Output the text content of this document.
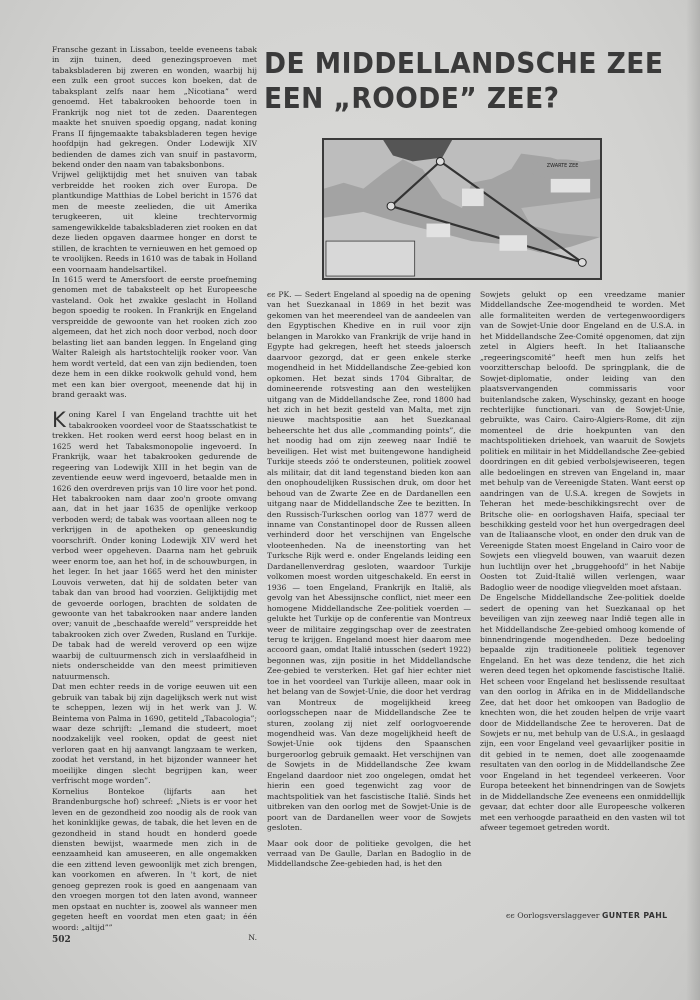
Fransche gezant in Lissabon, teelde eveneens tabak in zijn tuinen, deed genezingsproeven met tabaksbladeren bij zweren en wonden, waarbij hij een zulk een groot succes kon boeken, dat de tabaksplant zelfs naar hem „Nicotiana” werd genoemd. Het tabakrooken behoorde toen in Frankrijk nog niet tot de zeden. Daarentegen maakte het snuiven spoedig opgang, nadat koning Frans II fijngemaakte tabaksbladeren tegen hevige hoofdpijn had gekregen. Onder Lodewijk XIV bedienden de dames zich van snuif in pastavorm, bekend onder den naam van tabaksbonbons.

Vrijwel gelijktijdig met het snuiven van tabak verbreidde het rooken zich over Europa. De plantkundige Matthias de Lobel bericht in 1576 dat men de meeste zeelieden, die uit Amerika terugkeeren, uit kleine trechtervormig samengewikkelde tabaksbladeren ziet rooken en dat deze lieden opgaven daarmee honger en dorst te stillen, de krachten te vernieuwen en het gemoed op te vroolijken. Reeds in 1610 was de tabak in Holland een voornaam handelsartikel.

In 1615 werd te Amersfoort de eerste proefneming genomen met de tabaksteelt op het Europeesche vasteland. Ook het zwakke geslacht in Holland begon spoedig te rooken. In Frankrijk en Engeland verspreidde de gewoonte van het rooken zich zoo algemeen, dat het zich noch door verbod, noch door belasting liet aan banden leggen. In Engeland ging Walter Raleigh als hartstochtelijk rooker voor. Van hem wordt verteld, dat een van zijn bedienden, toen deze hem in een dikke rookwolk gehuld vond, hem met een kan bier overgoot, meenende dat hij in brand geraakt was.

Koning Karel I van Engeland trachtte uit het tabakrooken voordeel voor de Staatsschatkist te trekken. Het rooken werd eerst hoog belast en in 1625 werd het Tabaksmonopolie ingevoerd. In Frankrijk, waar het tabakrooken gedurende de regeering van Lodewijk XIII in het begin van de zeventiende eeuw werd ingevoerd, betaalde men in 1626 den overdreven prijs van 10 lire voor het pond. Het tabakrooken nam daar zoo'n groote omvang aan, dat in het jaar 1635 de openlijke verkoop verboden werd; de tabak was voortaan alleen nog te verkrijgen in de apotheken op geneeskundig voorschrift. Onder koning Lodewijk XIV werd het verbod weer opgeheven. Daarna nam het gebruik weer enorm toe, aan het hof, in de schouwburgen, in het leger. In het jaar 1665 werd het den minister Louvois verweten, dat hij de soldaten beter van tabak dan van brood had voorzien. Gelijktijdig met de gevoerde oorlogen, brachten de soldaten de gewoonte van het tabakrooken naar andere landen over; vanuit de „beschaafde wereld” verspreidde het tabakrooken zich over Zweden, Rusland en Turkije. De tabak had de wereld veroverd op een wijze waarbij de cultuurmensch zich in verslaafdheid in niets onderscheidde van den meest primitieven natuurmensch.

Dat men echter reeds in de vorige eeuwen uit een gebruik van tabak bij zijn dagelijksch werk nut wist te scheppen, lezen wij in het werk van J. W. Beintema von Palma in 1690, getiteld „Tabacologia”; waar deze schrijft: „Iemand die studeert, moet noodzakelijk veel rooken, opdat de geest niet verloren gaat en hij aanvangt langzaam te werken, zoodat het verstand, in het bijzonder wanneer het moeilijke dingen slecht begrijpen kan, weer verfrischt moge worden”.

Kornelius Bontekoe (lijfarts aan het Brandenburgsche hof) schreef: „Niets is er voor het leven en de gezondheid zoo noodig als de rook van het koninklijke gewas, de tabak, die het leven en de gezondheid in stand houdt en honderd goede diensten bewijst, waarmede men zich in de eenzaamheid kan amuseeren, en alle ongemakken die een zittend leven gewoonlijk met zich brengen, kan voorkomen en afweren. In 't kort, de niet genoeg geprezen rook is goed en aangenaam van den vroegen morgen tot den laten avond, wanneer men opstaat en nuchter is, zoowel als wanneer men gegeten heeft en voordat men eten gaat; in één woord: „altijd””

N.

DE MIDDELLANDSCHE ZEE
EEN „ROODE” ZEE?
ZWARTE ZEE

ϵϵ PK. — Sedert Engeland al spoedig na de opening van het Suezkanaal in 1869 in het bezit was gekomen van het meerendeel van de aandeelen van den Egyptischen Khedive en in ruil voor zijn belangen in Marokko van Frankrijk de vrije hand in Egypte had gekregen, heeft het steeds jaloersch daarvoor gezorgd, dat er geen enkele sterke mogendheid in het Middellandsche Zee-gebied kon opkomen. Het bezat sinds 1704 Gibraltar, de domineerende rotsvesting aan den westelijken uitgang van de Middellandsche Zee, rond 1800 had het zich in het bezit gesteld van Malta, met zijn nieuwe machtspositie aan het Suezkanaal beheerschte het dus alle „commanding points”, die het noodig had om zijn zeeweg naar Indië te beveiligen. Het wist met buitengewone handigheid Turkije steeds zóó te ondersteunen, politiek zoowel als militair, dat dit land tegenstand bieden kon aan den onophoudelijken Russischen druk, om door het behoud van de Zwarte Zee en de Dardanellen een uitgang naar de Middellandsche Zee te bezitten. In den Russisch-Turkschen oorlog van 1877 werd de inname van Constantinopel door de Russen alleen verhinderd door het verschijnen van Engelsche vlooteenheden. Na de ineenstorting van het Turksche Rijk werd e. onder Engelands leiding een Dardanellenverdrag gesloten, waardoor Turkije volkomen moest worden uitgeschakeld. En eerst in 1936 — toen Engeland, Frankrijk en Italië, als gevolg van het Abessijnsche conflict, niet meer een homogene Middellandsche Zee-politiek voerden — gelukte het Turkije op de conferentie van Montreux weer de militaire zeggingschap over de zeestraten terug te krijgen. Engeland moest hier daarom mee accoord gaan, omdat Italië intusschen (sedert 1922) begonnen was, zijn positie in het Middellandsche Zee-gebied te versterken. Het gaf hier echter niet toe in het voordeel van Turkije alleen, maar ook in het belang van de Sowjet-Unie, die door het verdrag van Montreux de mogelijkheid kreeg oorlogsschepen naar de Middellandsche Zee te sturen, zoolang zij niet zelf oorlogvoerende mogendheid was. Van deze mogelijkheid heeft de Sowjet-Unie ook tijdens den Spaanschen burgeroorlog gebruik gemaakt. Het verschijnen van de Sowjets in de Middellandsche Zee kwam Engeland daardoor niet zoo ongelegen, omdat het hierin een goed tegenwicht zag voor de machtspolitiek van het fascistische Italië. Sinds het uitbreken van den oorlog met de Sowjet-Unie is de poort van de Dardanellen weer voor de Sowjets gesloten.

Maar ook door de politieke gevolgen, die het verraad van De Gaulle, Darlan en Badoglio in de Middellandsche Zee-gebieden had, is het den

Sowjets gelukt op een vreedzame manier Middellandsche Zee-mogendheid te worden. Met alle formaliteiten werden de vertegenwoordigers van de Sowjet-Unie door Engeland en de U.S.A. in het Middellandsche Zee-Comité opgenomen, dat zijn zetel in Algiers heeft. In het Italiaansche „regeeringscomité” heeft men hun zelfs het voorzitterschap beloofd. De springplank, die de Sowjet-diplomatie, onder leiding van den plaatsvervangenden commissaris voor buitenlandsche zaken, Wyschinsky, gezant en hooge rechterlijke functionari. van de Sowjet-Unie, gebruikte, was Cairo. Cairo-Algiers-Rome, dit zijn momenteel de drie hoekpunten van den machtspolitieken driehoek, van waaruit de Sowjets politiek en militair in het Middellandsche Zee-gebied doordringen en dit gebied verbolsjewiseeren, tegen alle bedoelingen en streven van Engeland in, maar met behulp van de Vereenigde Staten. Want eerst op aandringen van de U.S.A. kregen de Sowjets in Teheran het mede-beschikkingsrecht over de Britsche olie- en oorlogshaven Haifa, speciaal ter beschikking gesteld voor het hun overgedragen deel van de Italiaansche vloot, en onder den druk van de Vereenigde Staten moest Engeland in Cairo voor de Sowjets een vliegveld bouwen, van waaruit dezen hun luchtlijn over het „bruggehoofd” in het Nabije Oosten tot Zuid-Italië willen verlengen, waar Badoglio weer de noodige vliegvelden moet afstaan.

De Engelsche Middellandsche Zee-politiek doelde sedert de opening van het Suezkanaal op het beveiligen van zijn zeeweg naar Indië tegen alle in het Middellandsche Zee-gebied omhoog komende of binnendringende mogendheden. Deze bedoeling bepaalde zijn traditioneele politiek tegenover Engeland. En het was deze tendenz, die het zich weren deed tegen het opkomende fascistische Italië. Het scheen voor Engeland het beslissende resultaat van den oorlog in Afrika en in de Middellandsche Zee, dat het door het omkoopen van Badoglio de knechten won, die het zouden helpen de vrije vaart door de Middellandsche Zee te heroveren. Dat de Sowjets er nu, met behulp van de U.S.A., in geslaagd zijn, een voor Engeland veel gevaarlijker positie in dit gebied in te nemen, doet alle zoogenaamde resultaten van den oorlog in de Middellandsche Zee voor Engeland in het tegendeel verkeeren. Voor Europa beteekent het binnendringen van de Sowjets in de Middellandsche Zee eveneens een onmiddellijk gevaar, dat echter door alle Europeesche volkeren met een verhoogde paraatheid en den vasten wil tot afweer tegemoet getreden wordt.

ϵϵ Oorlogsverslaggever GUNTER PAHL
502
